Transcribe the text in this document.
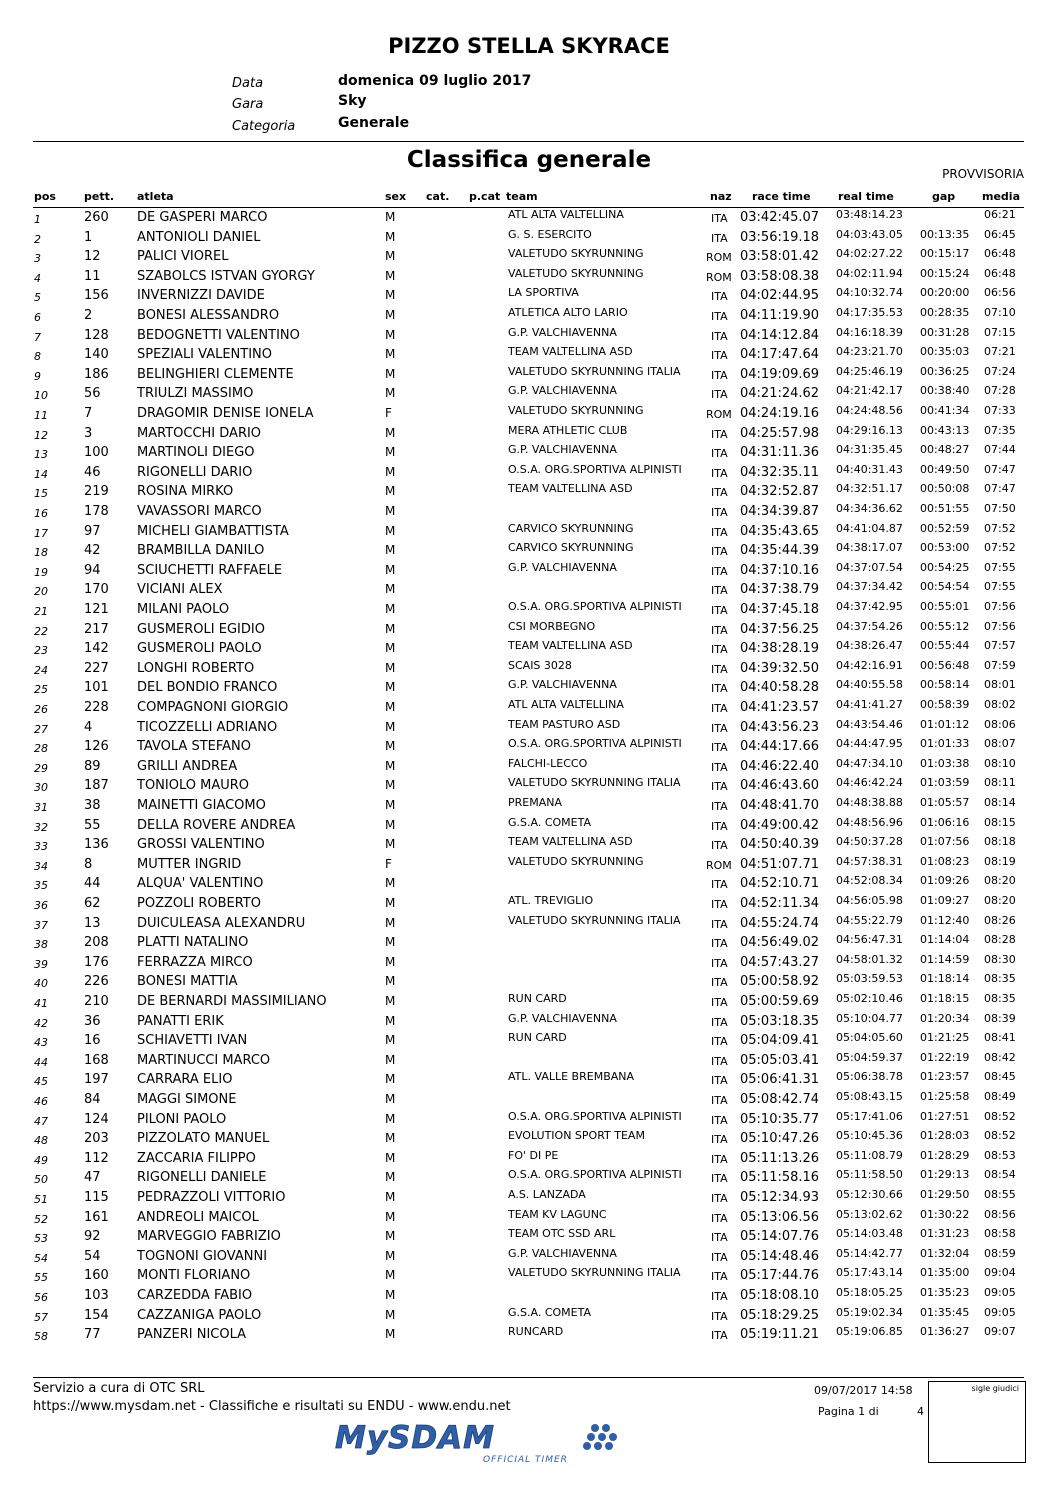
PIZZO STELLA SKYRACE
Data	domenica 09 luglio 2017
Gara	Sky
Categoria	Generale
Classifica generale
PROVVISORIA
pos	pett. atleta	sex cat. p.cat team	naz race time real time	gap media
1	260 DE GASPERI MARCO	M	ATL ALTA VALTELLINA	ITA 03:42:45.07 03:48:14.23	06:21
2	1	ANTONIOLI DANIEL	M	G. S. ESERCITO	ITA 03:56:19.18 04:03:43.05 00:13:35 06:45
3	12	PALICI VIOREL	M	VALETUDO SKYRUNNING	ROM 03:58:01.42 04:02:27.22 00:15:17 06:48
4	11	SZABOLCS ISTVAN GYORGY	M	VALETUDO SKYRUNNING	ROM 03:58:08.38 04:02:11.94 00:15:24 06:48
5	156 INVERNIZZI DAVIDE	M	LA SPORTIVA	ITA 04:02:44.95 04:10:32.74 00:20:00 06:56
6	2	BONESI ALESSANDRO	M	ATLETICA ALTO LARIO	ITA 04:11:19.90 04:17:35.53 00:28:35 07:10
7	128 BEDOGNETTI VALENTINO	M	G.P. VALCHIAVENNA	ITA 04:14:12.84 04:16:18.39 00:31:28 07:15
8	140 SPEZIALI VALENTINO	M	TEAM VALTELLINA ASD	ITA 04:17:47.64 04:23:21.70 00:35:03 07:21
9	186 BELINGHIERI CLEMENTE	M	VALETUDO SKYRUNNING ITALIA	ITA 04:19:09.69 04:25:46.19 00:36:25 07:24
10	56	TRIULZI MASSIMO	M	G.P. VALCHIAVENNA	ITA 04:21:24.62 04:21:42.17 00:38:40 07:28
11	7	DRAGOMIR DENISE IONELA	F	VALETUDO SKYRUNNING	ROM 04:24:19.16 04:24:48.56 00:41:34 07:33
12	3	MARTOCCHI DARIO	M	MERA ATHLETIC CLUB	ITA 04:25:57.98 04:29:16.13 00:43:13 07:35
13	100 MARTINOLI DIEGO	M	G.P. VALCHIAVENNA	ITA 04:31:11.36 04:31:35.45 00:48:27 07:44
14	46	RIGONELLI DARIO	M	O.S.A. ORG.SPORTIVA ALPINISTI	ITA 04:32:35.11 04:40:31.43 00:49:50 07:47
15	219 ROSINA MIRKO	M	TEAM VALTELLINA ASD	ITA 04:32:52.87 04:32:51.17 00:50:08 07:47
16	178 VAVASSORI MARCO	M	ITA 04:34:39.87 04:34:36.62 00:51:55 07:50
17	97	MICHELI GIAMBATTISTA	M	CARVICO SKYRUNNING	ITA 04:35:43.65 04:41:04.87 00:52:59 07:52
18	42	BRAMBILLA DANILO	M	CARVICO SKYRUNNING	ITA 04:35:44.39 04:38:17.07 00:53:00 07:52
19	94	SCIUCHETTI RAFFAELE	M	G.P. VALCHIAVENNA	ITA 04:37:10.16 04:37:07.54 00:54:25 07:55
20	170 VICIANI ALEX	M	ITA 04:37:38.79 04:37:34.42 00:54:54 07:55
21	121 MILANI PAOLO	M	O.S.A. ORG.SPORTIVA ALPINISTI	ITA 04:37:45.18 04:37:42.95 00:55:01 07:56
22	217 GUSMEROLI EGIDIO	M	CSI MORBEGNO	ITA 04:37:56.25 04:37:54.26 00:55:12 07:56
23	142 GUSMEROLI PAOLO	M	TEAM VALTELLINA ASD	ITA 04:38:28.19 04:38:26.47 00:55:44 07:57
24	227 LONGHI ROBERTO	M	SCAIS 3028	ITA 04:39:32.50 04:42:16.91 00:56:48 07:59
25	101 DEL BONDIO FRANCO	M	G.P. VALCHIAVENNA	ITA 04:40:58.28 04:40:55.58 00:58:14 08:01
26	228 COMPAGNONI GIORGIO	M	ATL ALTA VALTELLINA	ITA 04:41:23.57 04:41:41.27 00:58:39 08:02
27	4	TICOZZELLI ADRIANO	M	TEAM PASTURO ASD	ITA 04:43:56.23 04:43:54.46 01:01:12 08:06
28	126 TAVOLA STEFANO	M	O.S.A. ORG.SPORTIVA ALPINISTI	ITA 04:44:17.66 04:44:47.95 01:01:33 08:07
29	89	GRILLI ANDREA	M	FALCHI-LECCO	ITA 04:46:22.40 04:47:34.10 01:03:38 08:10
30	187 TONIOLO MAURO	M	VALETUDO SKYRUNNING ITALIA	ITA 04:46:43.60 04:46:42.24 01:03:59 08:11
31	38	MAINETTI GIACOMO	M	PREMANA	ITA 04:48:41.70 04:48:38.88 01:05:57 08:14
32	55	DELLA ROVERE ANDREA	M	G.S.A. COMETA	ITA 04:49:00.42 04:48:56.96 01:06:16 08:15
33	136 GROSSI VALENTINO	M	TEAM VALTELLINA ASD	ITA 04:50:40.39 04:50:37.28 01:07:56 08:18
34	8	MUTTER INGRID	F	VALETUDO SKYRUNNING	ROM 04:51:07.71 04:57:38.31 01:08:23 08:19
35	44	ALQUA' VALENTINO	M	ITA 04:52:10.71 04:52:08.34 01:09:26 08:20
36	62	POZZOLI ROBERTO	M	ATL. TREVIGLIO	ITA 04:52:11.34 04:56:05.98 01:09:27 08:20
37	13	DUICULEASA ALEXANDRU	M	VALETUDO SKYRUNNING ITALIA	ITA 04:55:24.74 04:55:22.79 01:12:40 08:26
38	208 PLATTI NATALINO	M	ITA 04:56:49.02 04:56:47.31 01:14:04 08:28
39	176 FERRAZZA MIRCO	M	ITA 04:57:43.27 04:58:01.32 01:14:59 08:30
40	226 BONESI MATTIA	M	ITA 05:00:58.92 05:03:59.53 01:18:14 08:35
41	210 DE BERNARDI MASSIMILIANO	M	RUN CARD	ITA 05:00:59.69 05:02:10.46 01:18:15 08:35
42	36	PANATTI ERIK	M	G.P. VALCHIAVENNA	ITA 05:03:18.35 05:10:04.77 01:20:34 08:39
43	16	SCHIAVETTI IVAN	M	RUN CARD	ITA 05:04:09.41 05:04:05.60 01:21:25 08:41
44	168 MARTINUCCI MARCO	M	ITA 05:05:03.41 05:04:59.37 01:22:19 08:42
45	197 CARRARA ELIO	M	ATL. VALLE BREMBANA	ITA 05:06:41.31 05:06:38.78 01:23:57 08:45
46	84	MAGGI SIMONE	M	ITA 05:08:42.74 05:08:43.15 01:25:58 08:49
47	124 PILONI PAOLO	M	O.S.A. ORG.SPORTIVA ALPINISTI	ITA 05:10:35.77 05:17:41.06 01:27:51 08:52
48	203 PIZZOLATO MANUEL	M	EVOLUTION SPORT TEAM	ITA 05:10:47.26 05:10:45.36 01:28:03 08:52
49	112 ZACCARIA FILIPPO	M	FO' DI PE	ITA 05:11:13.26 05:11:08.79 01:28:29 08:53
50	47	RIGONELLI DANIELE	M	O.S.A. ORG.SPORTIVA ALPINISTI	ITA 05:11:58.16 05:11:58.50 01:29:13 08:54
51	115 PEDRAZZOLI VITTORIO	M	A.S. LANZADA	ITA 05:12:34.93 05:12:30.66 01:29:50 08:55
52	161 ANDREOLI MAICOL	M	TEAM KV LAGUNC	ITA 05:13:06.56 05:13:02.62 01:30:22 08:56
53	92	MARVEGGIO FABRIZIO	M	TEAM OTC SSD ARL	ITA 05:14:07.76 05:14:03.48 01:31:23 08:58
54	54	TOGNONI GIOVANNI	M	G.P. VALCHIAVENNA	ITA 05:14:48.46 05:14:42.77 01:32:04 08:59
55	160 MONTI FLORIANO	M	VALETUDO SKYRUNNING ITALIA	ITA 05:17:44.76 05:17:43.14 01:35:00 09:04
56	103 CARZEDDA FABIO	M	ITA 05:18:08.10 05:18:05.25 01:35:23 09:05
57	154 CAZZANIGA PAOLO	M	G.S.A. COMETA	ITA 05:18:29.25 05:19:02.34 01:35:45 09:05
58	77	PANZERI NICOLA	M	RUNCARD	ITA 05:19:11.21 05:19:06.85 01:36:27 09:07
Servizio a cura di OTC SRL
https://www.mysdam.net - Classifiche e risultati su ENDU - www.endu.net
09/07/2017 14:58
Pagina 1 di	4
sigle giudici
MySDAM
OFFICIAL TIMER
